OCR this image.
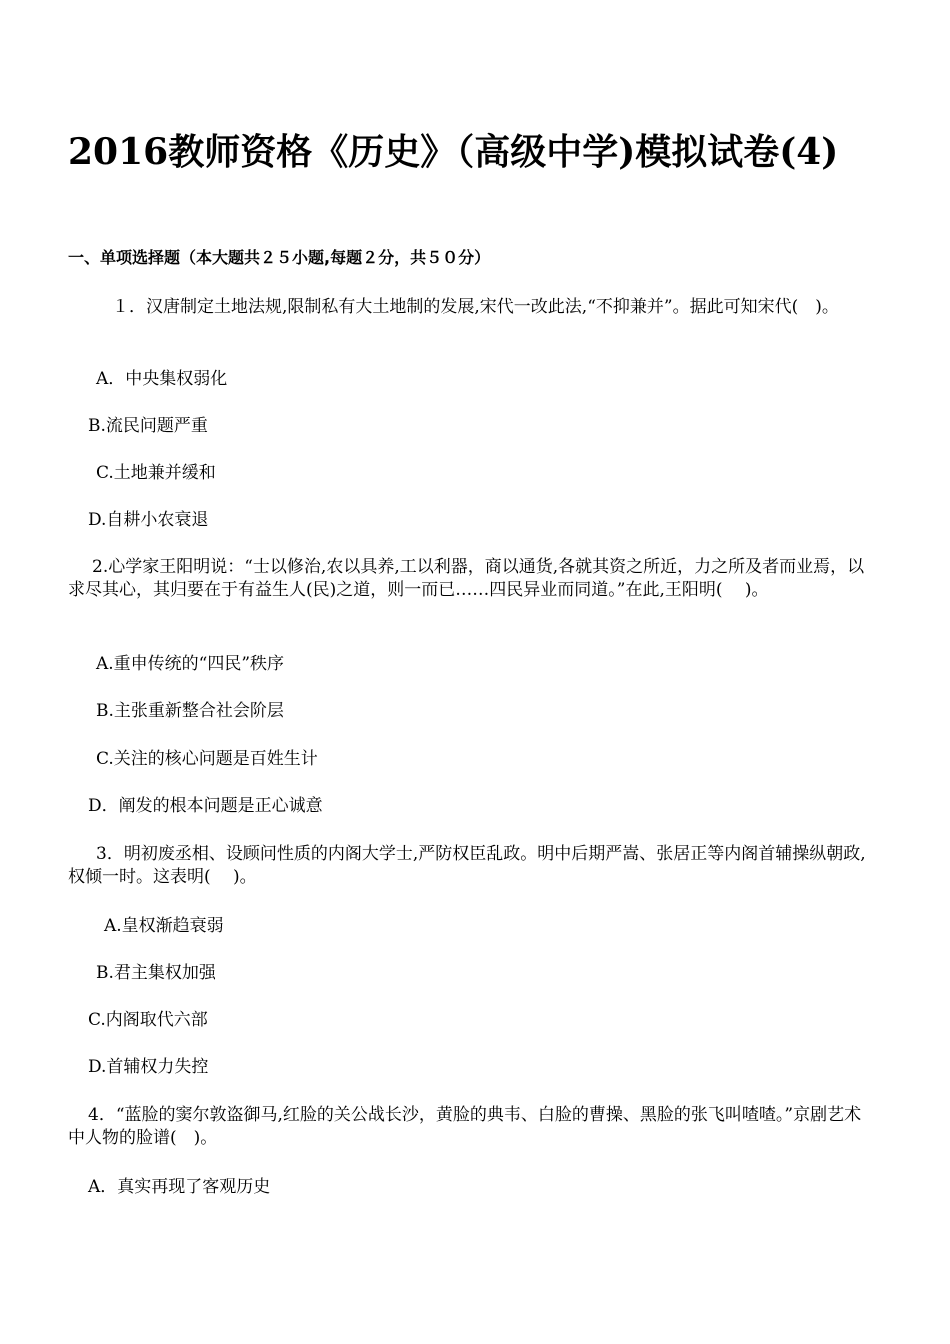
2016教师资格《历史》（高级中学)模拟试卷(4)
一、单项选择题（本大题共２５小题,每题２分，共５０分）
１．汉唐制定土地法规,限制私有大土地制的发展,宋代一改此法,“不抑兼并”。据此可知宋代(　)。
A．中央集权弱化
B.流民问题严重
C.土地兼并缓和
D.自耕小农衰退
2.心学家王阳明说：“士以修治,农以具养,工以利器，商以通货,各就其资之所近，力之所及者而业焉，以求尽其心，其归要在于有益生人(民)之道，则一而已……四民异业而同道。”在此,王阳明(　 )。
A.重申传统的“四民”秩序
B.主张重新整合社会阶层
C.关注的核心问题是百姓生计
D．阐发的根本问题是正心诚意
3．明初废丞相、设顾问性质的内阁大学士,严防权臣乱政。明中后期严嵩、张居正等内阁首辅操纵朝政,权倾一时。这表明(　 )。
A.皇权渐趋衰弱
B.君主集权加强
C.内阁取代六部
D.首辅权力失控
4．“蓝脸的窦尔敦盗御马,红脸的关公战长沙，黄脸的典韦、白脸的曹操、黑脸的张飞叫喳喳。”京剧艺术中人物的脸谱(　)。
A．真实再现了客观历史
